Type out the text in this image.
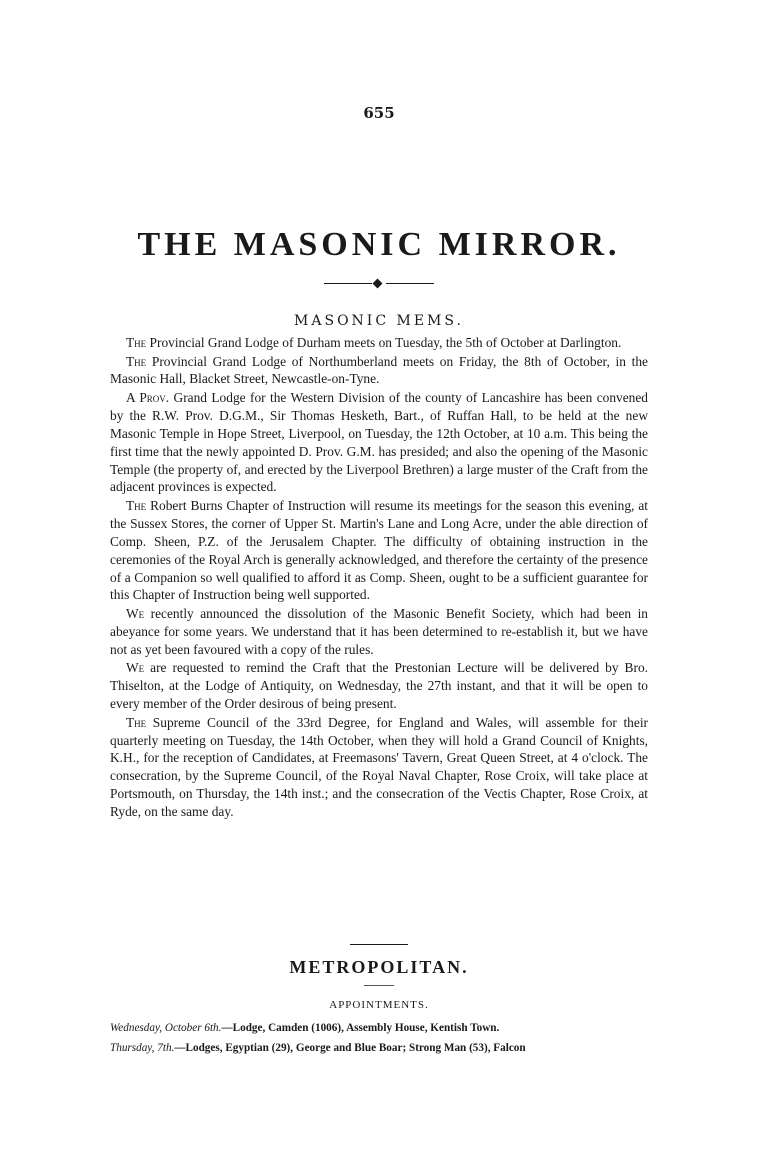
655
THE MASONIC MIRROR.
MASONIC MEMS.

The Provincial Grand Lodge of Durham meets on Tuesday, the 5th of October at Darlington.

The Provincial Grand Lodge of Northumberland meets on Friday, the 8th of October, in the Masonic Hall, Blacket Street, Newcastle-on-Tyne.

A Prov. Grand Lodge for the Western Division of the county of Lancashire has been convened by the R.W. Prov. D.G.M., Sir Thomas Hesketh, Bart., of Ruffan Hall, to be held at the new Masonic Temple in Hope Street, Liverpool, on Tuesday, the 12th October, at 10 a.m. This being the first time that the newly appointed D. Prov. G.M. has presided; and also the opening of the Masonic Temple (the property of, and erected by the Liverpool Brethren) a large muster of the Craft from the adjacent provinces is expected.

The Robert Burns Chapter of Instruction will resume its meetings for the season this evening, at the Sussex Stores, the corner of Upper St. Martin's Lane and Long Acre, under the able direction of Comp. Sheen, P.Z. of the Jerusalem Chapter. The difficulty of obtaining instruction in the ceremonies of the Royal Arch is generally acknowledged, and therefore the certainty of the presence of a Companion so well qualified to afford it as Comp. Sheen, ought to be a sufficient guarantee for this Chapter of Instruction being well supported.

We recently announced the dissolution of the Masonic Benefit Society, which had been in abeyance for some years. We understand that it has been determined to re-establish it, but we have not as yet been favoured with a copy of the rules.

We are requested to remind the Craft that the Prestonian Lecture will be delivered by Bro. Thiselton, at the Lodge of Antiquity, on Wednesday, the 27th instant, and that it will be open to every member of the Order desirous of being present.

The Supreme Council of the 33rd Degree, for England and Wales, will assemble for their quarterly meeting on Tuesday, the 14th October, when they will hold a Grand Council of Knights, K.H., for the reception of Candidates, at Freemasons' Tavern, Great Queen Street, at 4 o'clock. The consecration, by the Supreme Council, of the Royal Naval Chapter, Rose Croix, will take place at Portsmouth, on Thursday, the 14th inst.; and the consecration of the Vectis Chapter, Rose Croix, at Ryde, on the same day.

METROPOLITAN.
APPOINTMENTS.
Wednesday, October 6th.—Lodge, Camden (1006), Assembly House, Kentish Town.
Thursday, 7th.—Lodges, Egyptian (29), George and Blue Boar; Strong Man (53), Falcon
